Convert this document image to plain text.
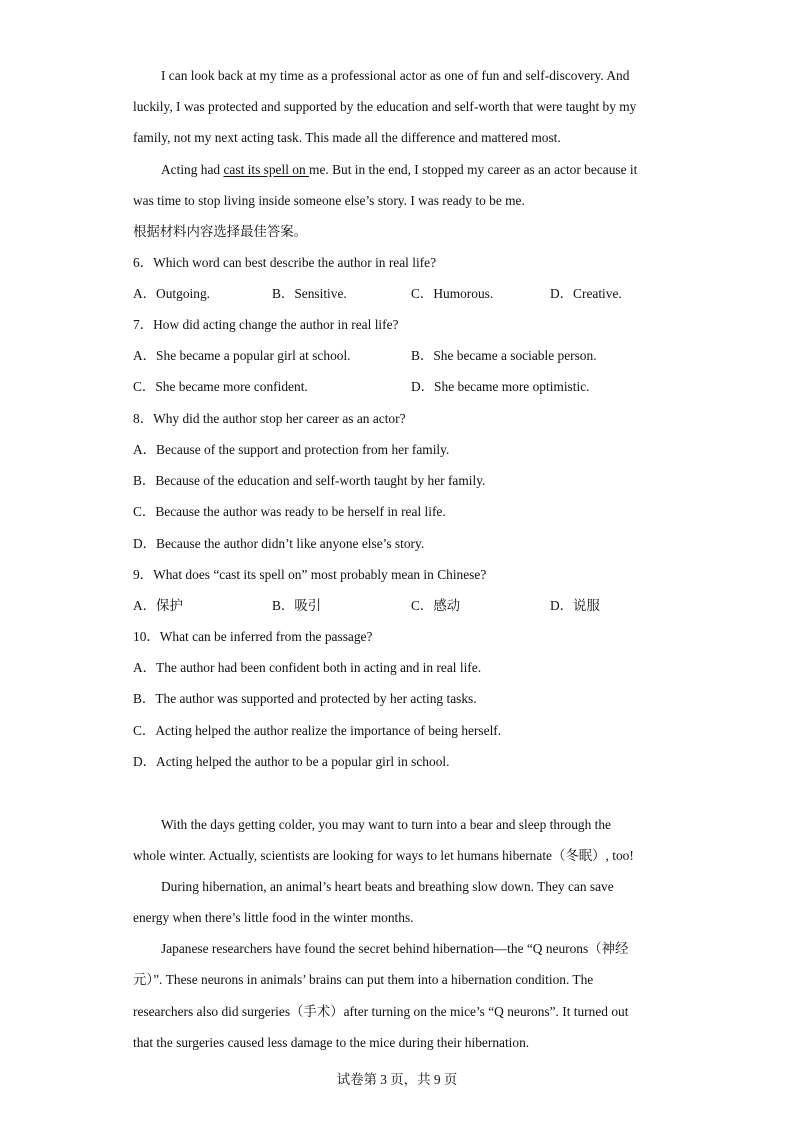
I can look back at my time as a professional actor as one of fun and self-discovery. And
luckily, I was protected and supported by the education and self-worth that were taught by my
family, not my next acting task. This made all the difference and mattered most.
Acting had cast its spell on me. But in the end, I stopped my career as an actor because it
was time to stop living inside someone else’s story. I was ready to be me.
根据材料内容选择最佳答案。
6．Which word can best describe the author in real life?
A．Outgoing.	B．Sensitive.	C．Humorous.	D．Creative.
7．How did acting change the author in real life?
A．She became a popular girl at school.	B．She became a sociable person.
C．She became more confident.	D．She became more optimistic.
8．Why did the author stop her career as an actor?
A．Because of the support and protection from her family.
B．Because of the education and self-worth taught by her family.
C．Because the author was ready to be herself in real life.
D．Because the author didn’t like anyone else’s story.
9．What does “cast its spell on” most probably mean in Chinese?
A．保护	B．吸引	C．感动	D．说服
10．What can be inferred from the passage?
A．The author had been confident both in acting and in real life.
B．The author was supported and protected by her acting tasks.
C．Acting helped the author realize the importance of being herself.
D．Acting helped the author to be a popular girl in school.
With the days getting colder, you may want to turn into a bear and sleep through the
whole winter. Actually, scientists are looking for ways to let humans hibernate（冬眠）, too!
During hibernation, an animal’s heart beats and breathing slow down. They can save
energy when there’s little food in the winter months.
Japanese researchers have found the secret behind hibernation—the “Q neurons（神经
元）”. These neurons in animals’ brains can put them into a hibernation condition. The
researchers also did surgeries（手术）after turning on the mice’s “Q neurons”. It turned out
that the surgeries caused less damage to the mice during their hibernation.
试卷第 3 页，共 9 页
